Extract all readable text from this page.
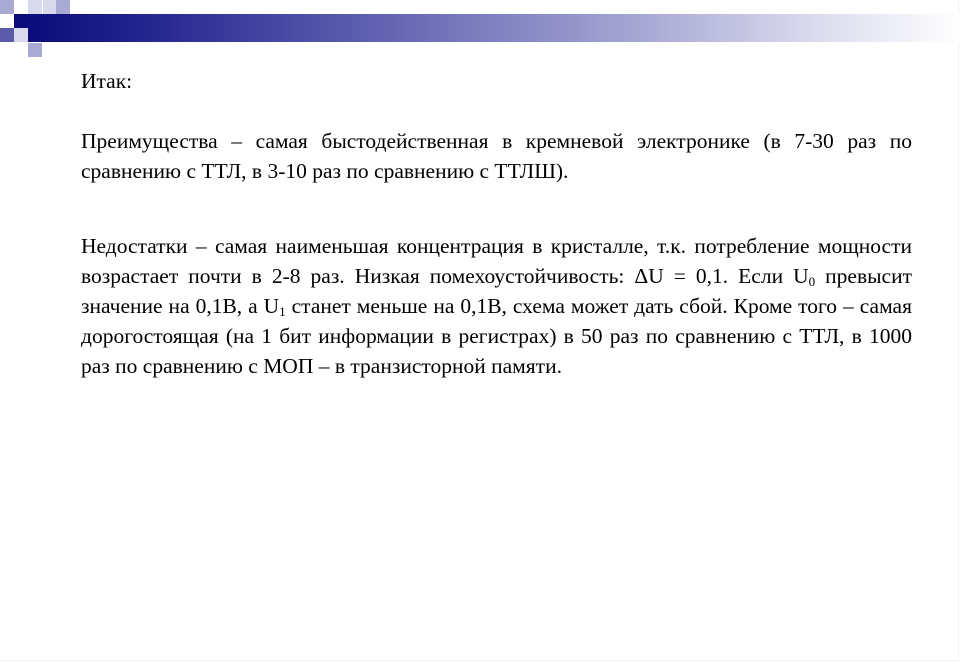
Итак:

Преимущества – самая быстодейственная в кремневой электронике (в 7-30 раз по сравнению с ТТЛ, в 3-10 раз по сравнению с ТТЛШ).

Недостатки – самая наименьшая концентрация в кристалле, т.к. потребление мощности возрастает почти в 2-8 раз. Низкая помехоустойчивость: ΔU = 0,1. Если $U_0$ превысит значение на 0,1В, а $U_1$ станет меньше на 0,1В, схема может дать сбой. Кроме того – самая дорогостоящая (на 1 бит информации в регистрах) в 50 раз по сравнению с ТТЛ, в 1000 раз по сравнению с МОП – в транзисторной памяти.
